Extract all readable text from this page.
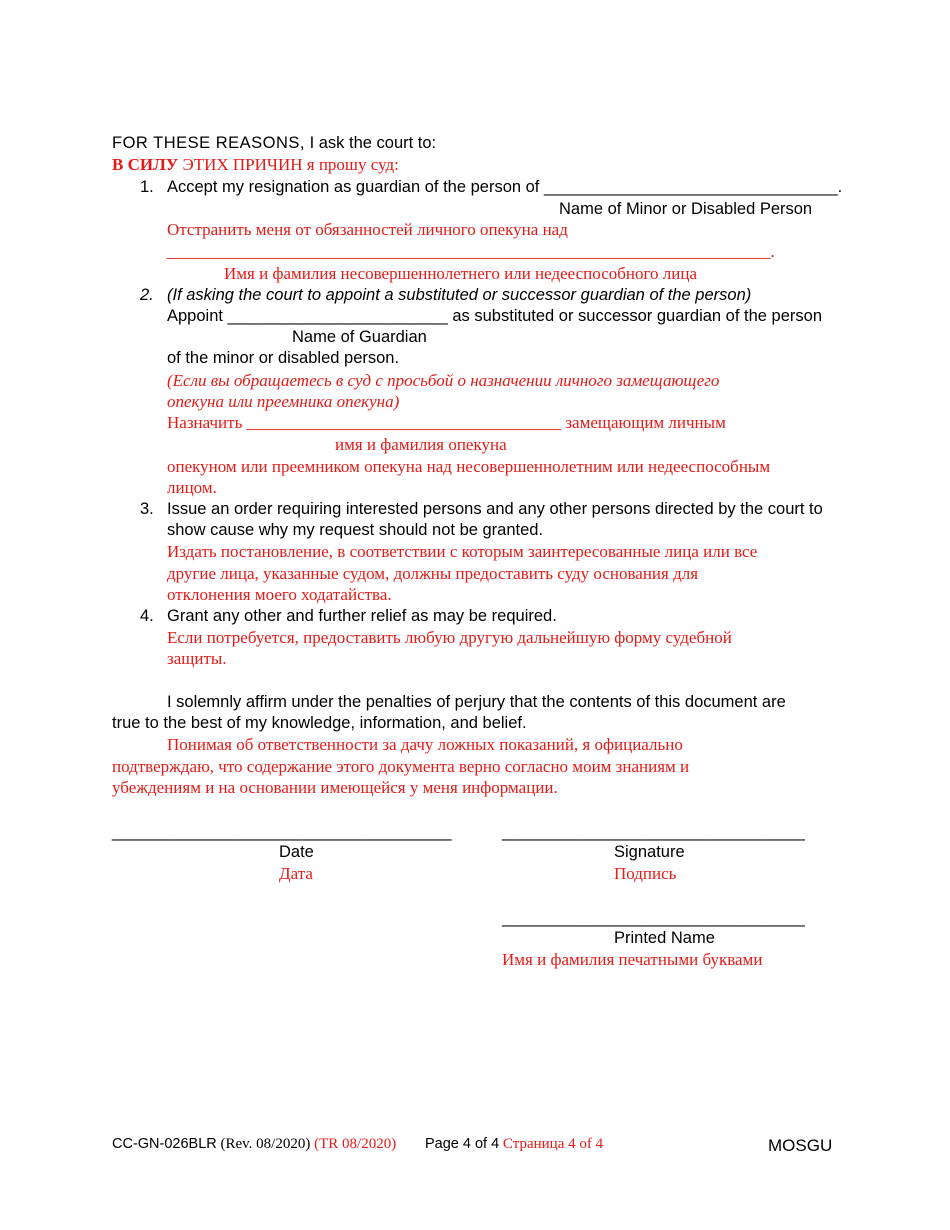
FOR THESE REASONS, I ask the court to:
В СИЛУ ЭТИХ ПРИЧИН я прошу суд:
1. Accept my resignation as guardian of the person of ________________________________.
Name of Minor or Disabled Person
Отстранить меня от обязанностей личного опекуна над
_______________________________________________________________________.
Имя и фамилия несовершеннолетнего или недееспособного лица
2. (If asking the court to appoint a substituted or successor guardian of the person)
Appoint ________________________ as substituted or successor guardian of the person
Name of Guardian
of the minor or disabled person.
(Если вы обращаетесь в суд с просьбой о назначении личного замещающего
опекуна или преемника опекуна)
Назначить _____________________________________ замещающим личным
имя и фамилия опекуна
опекуном или преемником опекуна над несовершеннолетним или недееспособным
лицом.
3. Issue an order requiring interested persons and any other persons directed by the court to
show cause why my request should not be granted.
Издать постановление, в соответствии с которым заинтересованные лица или все
другие лица, указанные судом, должны предоставить суду основания для
отклонения моего ходатайства.
4. Grant any other and further relief as may be required.
Если потребуется, предоставить любую другую дальнейшую форму судебной
защиты.
I solemnly affirm under the penalties of perjury that the contents of this document are
true to the best of my knowledge, information, and belief.
Понимая об ответственности за дачу ложных показаний, я официально
подтверждаю, что содержание этого документа верно согласно моим знаниям и
убеждениям и на основании имеющейся у меня информации.
_____________________________________
Date
Дата
_________________________________
Signature
Подпись
_________________________________
Printed Name
Имя и фамилия печатными буквами
CC-GN-026BLR (Rev. 08/2020) (TR 08/2020) Page 4 of 4 Страница 4 of 4	MOSGU
